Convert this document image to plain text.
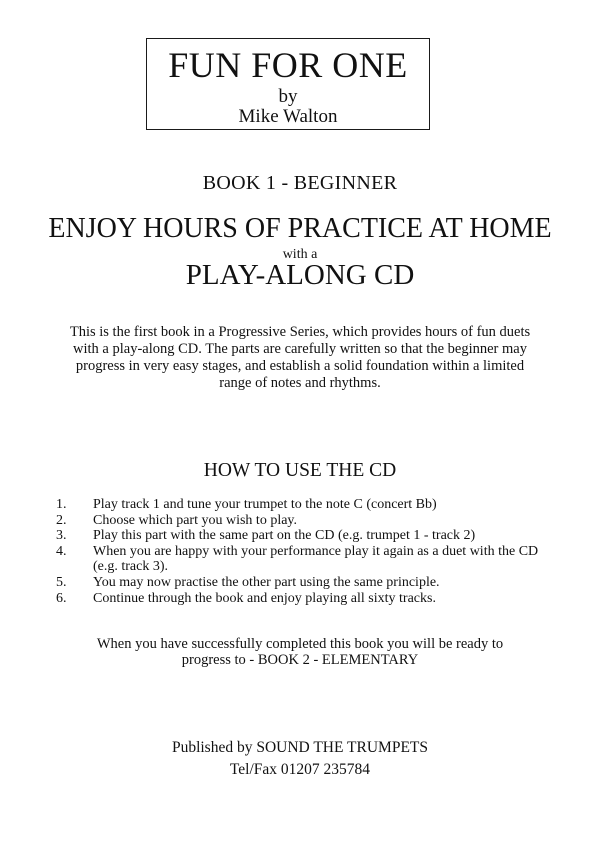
FUN FOR ONE
by
Mike Walton
BOOK 1 - BEGINNER
ENJOY HOURS OF PRACTICE AT HOME
with a
PLAY-ALONG CD
This is the first book in a Progressive Series, which provides hours of fun duets with a play-along CD. The parts are carefully written so that the beginner may progress in very easy stages, and establish a solid foundation within a limited range of notes and rhythms.
HOW TO USE THE CD
1. Play track 1 and tune your trumpet to the note C (concert Bb)
2. Choose which part you wish to play.
3. Play this part with the same part on the CD (e.g. trumpet 1 - track 2)
4. When you are happy with your performance play it again as a duet with the CD (e.g. track 3).
5. You may now practise the other part using the same principle.
6. Continue through the book and enjoy playing all sixty tracks.
When you have successfully completed this book you will be ready to
progress to - BOOK 2 - ELEMENTARY
Published by SOUND THE TRUMPETS
Tel/Fax 01207 235784
